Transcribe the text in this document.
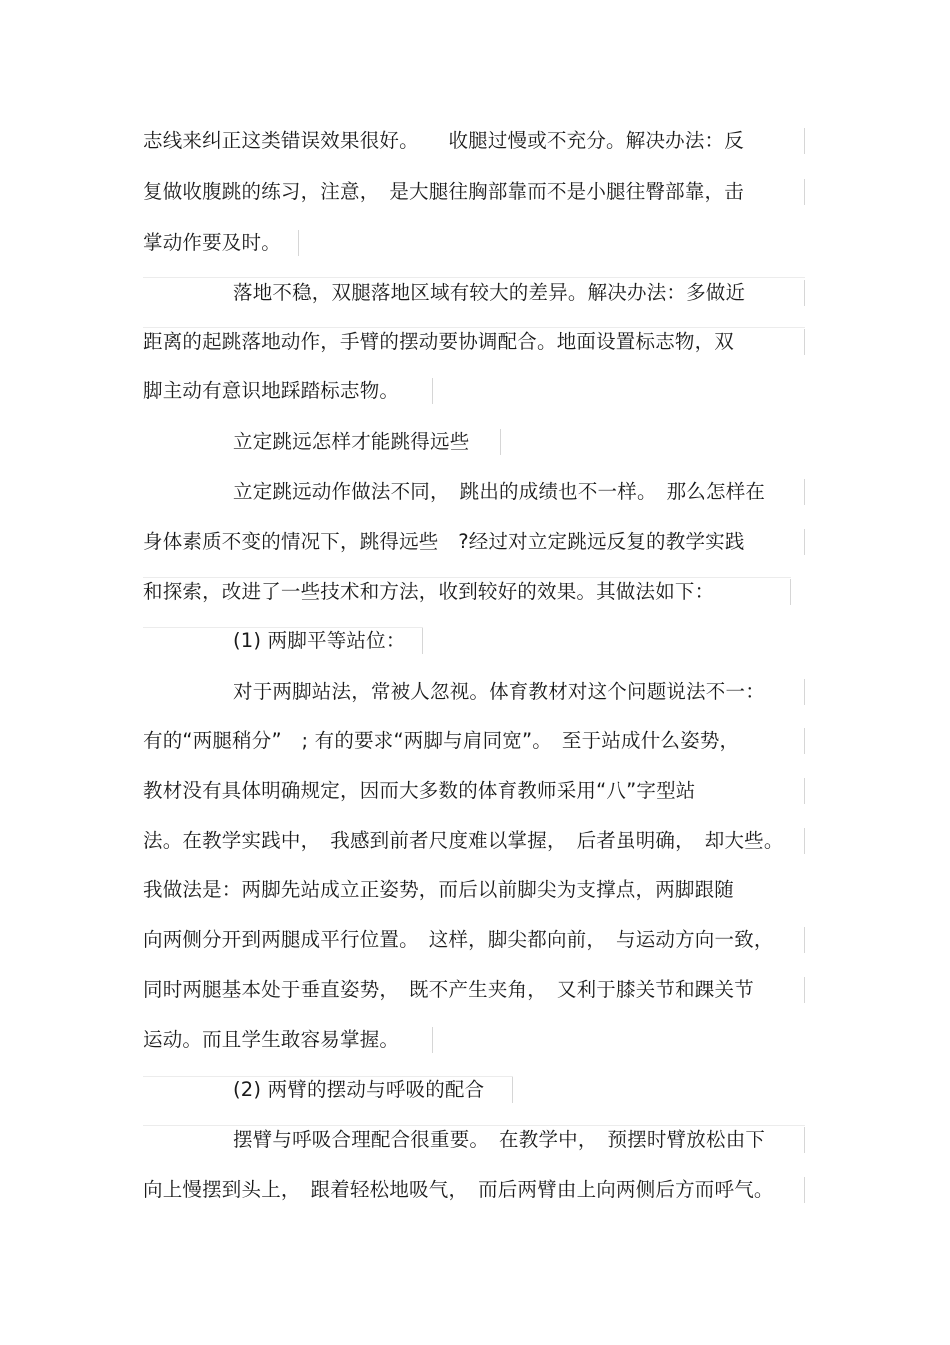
志线来纠正这类错误效果很好。　　收腿过慢或不充分。解决办法：反
复做收腹跳的练习，注意，　是大腿往胸部靠而不是小腿往臀部靠，击
掌动作要及时。
落地不稳，双腿落地区域有较大的差异。解决办法：多做近
距离的起跳落地动作，手臂的摆动要协调配合。地面设置标志物，双
脚主动有意识地踩踏标志物。
立定跳远怎样才能跳得远些
立定跳远动作做法不同，　跳出的成绩也不一样。　那么怎样在
身体素质不变的情况下，跳得远些　?经过对立定跳远反复的教学实践
和探索，改进了一些技术和方法，收到较好的效果。其做法如下：
(1) 两脚平等站位：
对于两脚站法，常被人忽视。体育教材对这个问题说法不一：
有的“两腿稍分”　; 有的要求“两脚与肩同宽”。　至于站成什么姿势，
教材没有具体明确规定，因而大多数的体育教师采用“八”字型站
法。在教学实践中，　我感到前者尺度难以掌握，　后者虽明确，　却大些。
我做法是：两脚先站成立正姿势，而后以前脚尖为支撑点，两脚跟随
向两侧分开到两腿成平行位置。　这样，脚尖都向前，　与运动方向一致，
同时两腿基本处于垂直姿势，　既不产生夹角，　又利于膝关节和踝关节
运动。而且学生敢容易掌握。
(2) 两臂的摆动与呼吸的配合
摆臂与呼吸合理配合很重要。　在教学中，　预摆时臂放松由下
向上慢摆到头上，　跟着轻松地吸气，　而后两臂由上向两侧后方而呼气。
